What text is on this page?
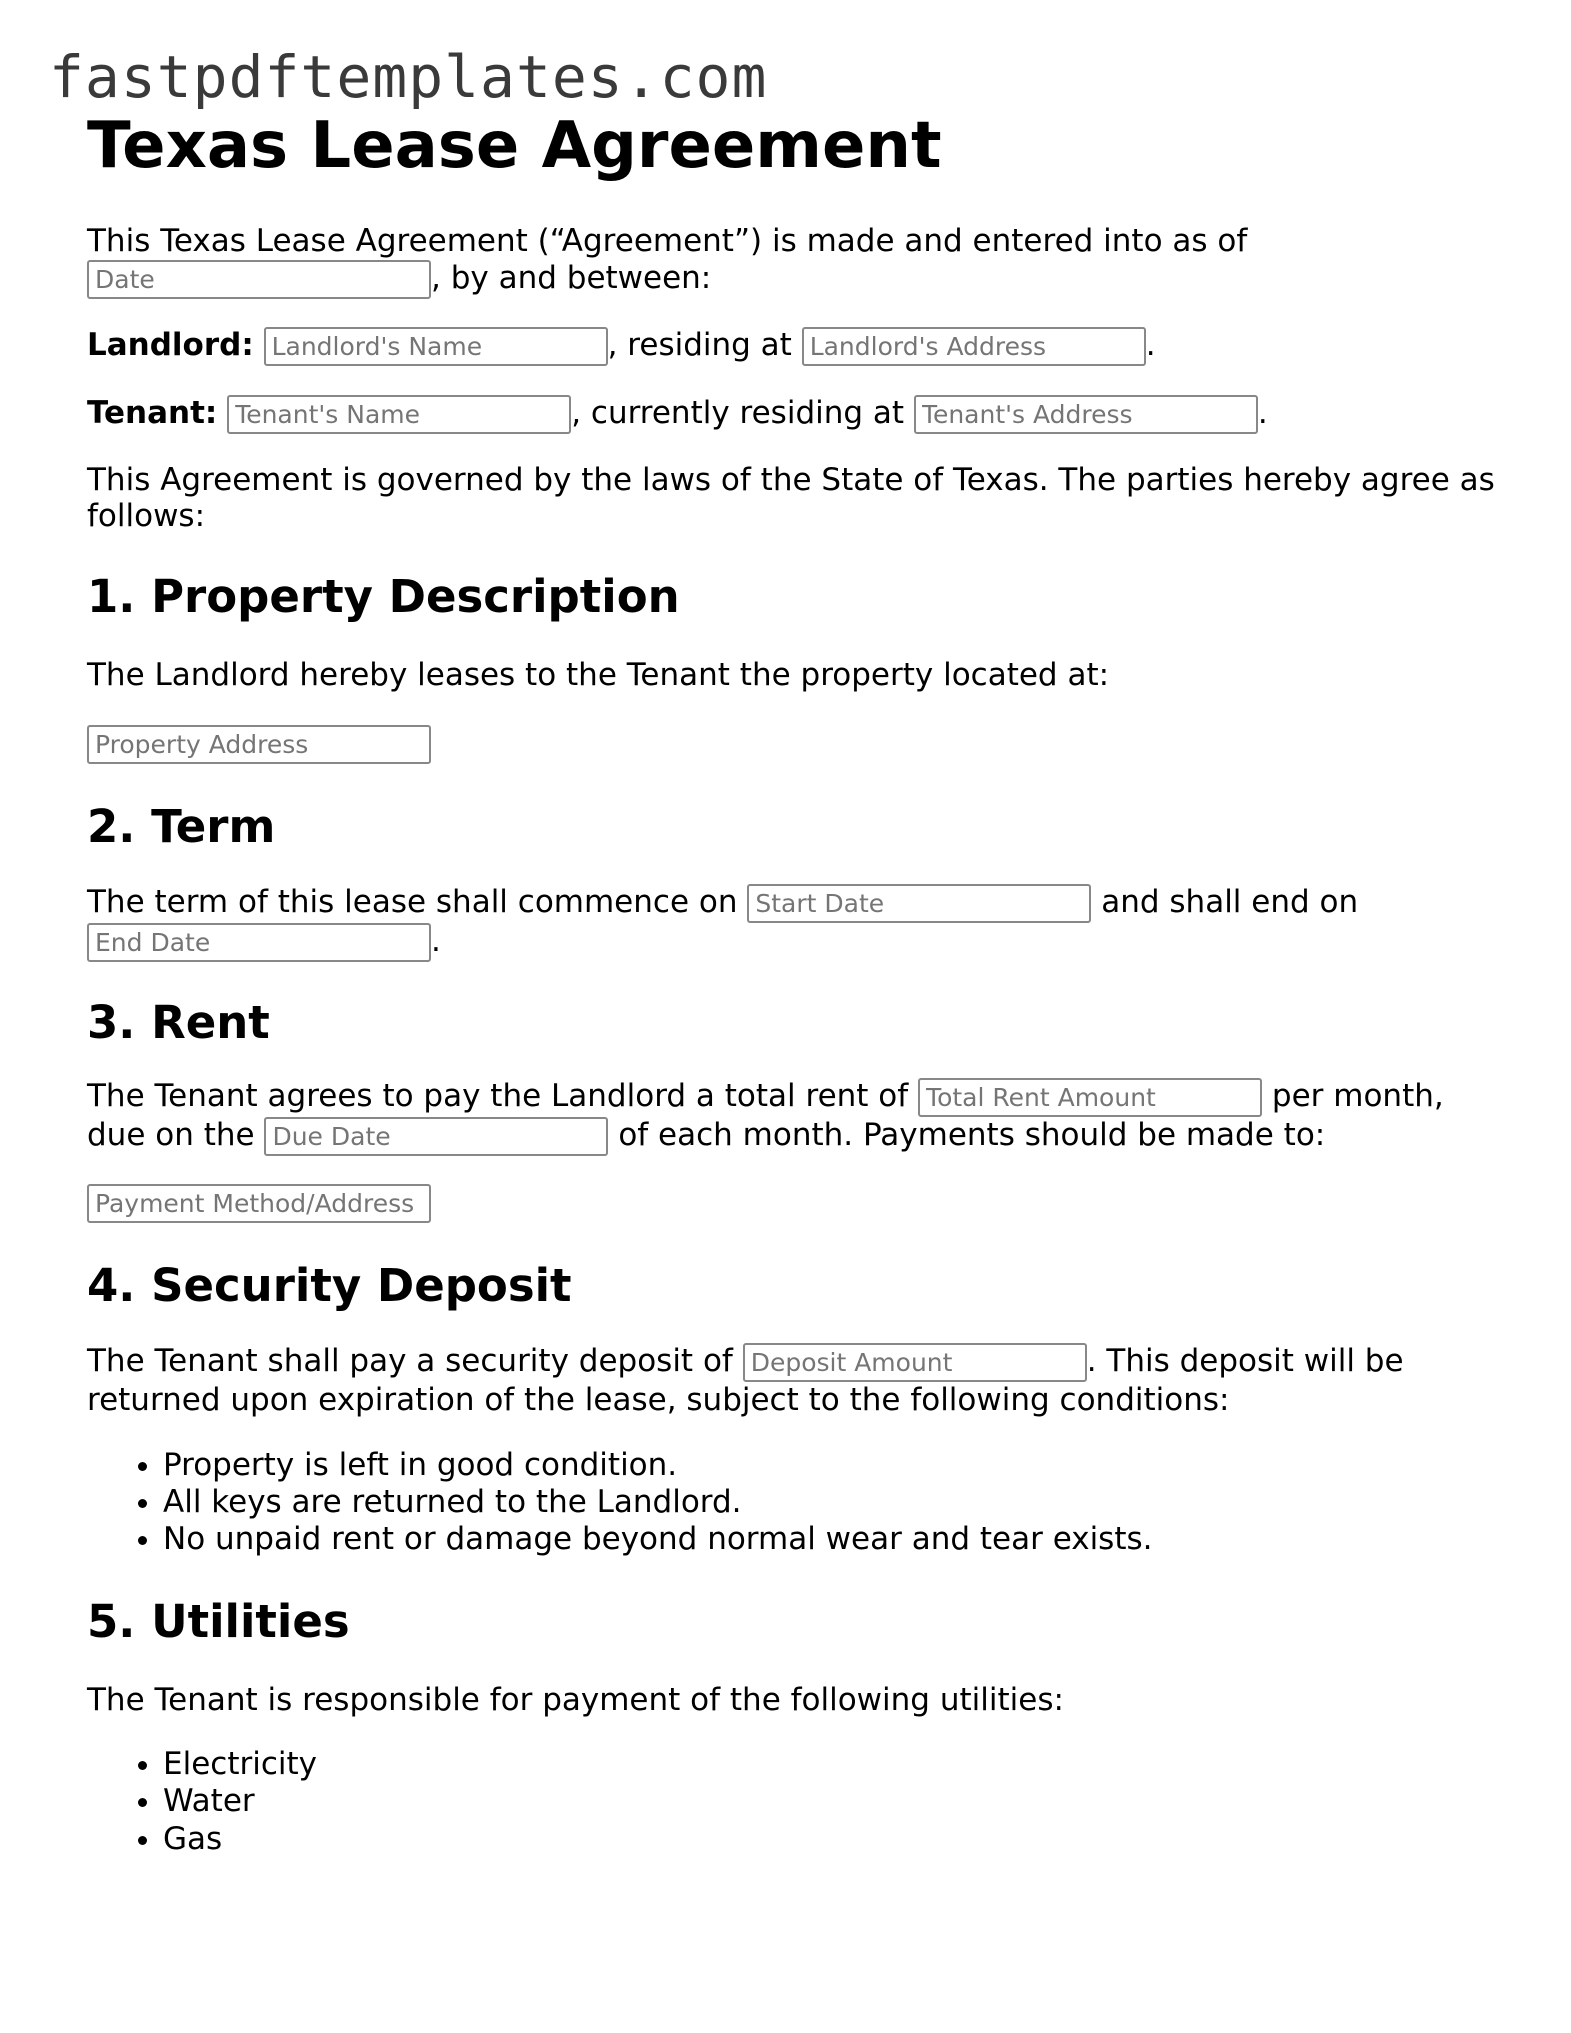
fastpdftemplates.com
Texas Lease Agreement

This Texas Lease Agreement (“Agreement”) is made and entered into as of
Date, by and between:

Landlord: Landlord's Name	, residing at Landlord's Address	.

Tenant: Tenant's Name	, currently residing at Tenant's Address	.

This Agreement is governed by the laws of the State of Texas. The parties hereby agree as follows:

1. Property Description

The Landlord hereby leases to the Tenant the property located at:

Property Address

2. Term

The term of this lease shall commence on Start Date	and shall end on
End Date.

3. Rent

The Tenant agrees to pay the Landlord a total rent of Total Rent Amount	per month,
due on the Due Date	of each month. Payments should be made to:

Payment Method/Address

4. Security Deposit

The Tenant shall pay a security deposit of Deposit Amount	. This deposit will be
returned upon expiration of the lease, subject to the following conditions:

• Property is left in good condition.
• All keys are returned to the Landlord.
• No unpaid rent or damage beyond normal wear and tear exists.
5. Utilities

The Tenant is responsible for payment of the following utilities:

• Electricity
• Water
• Gas
